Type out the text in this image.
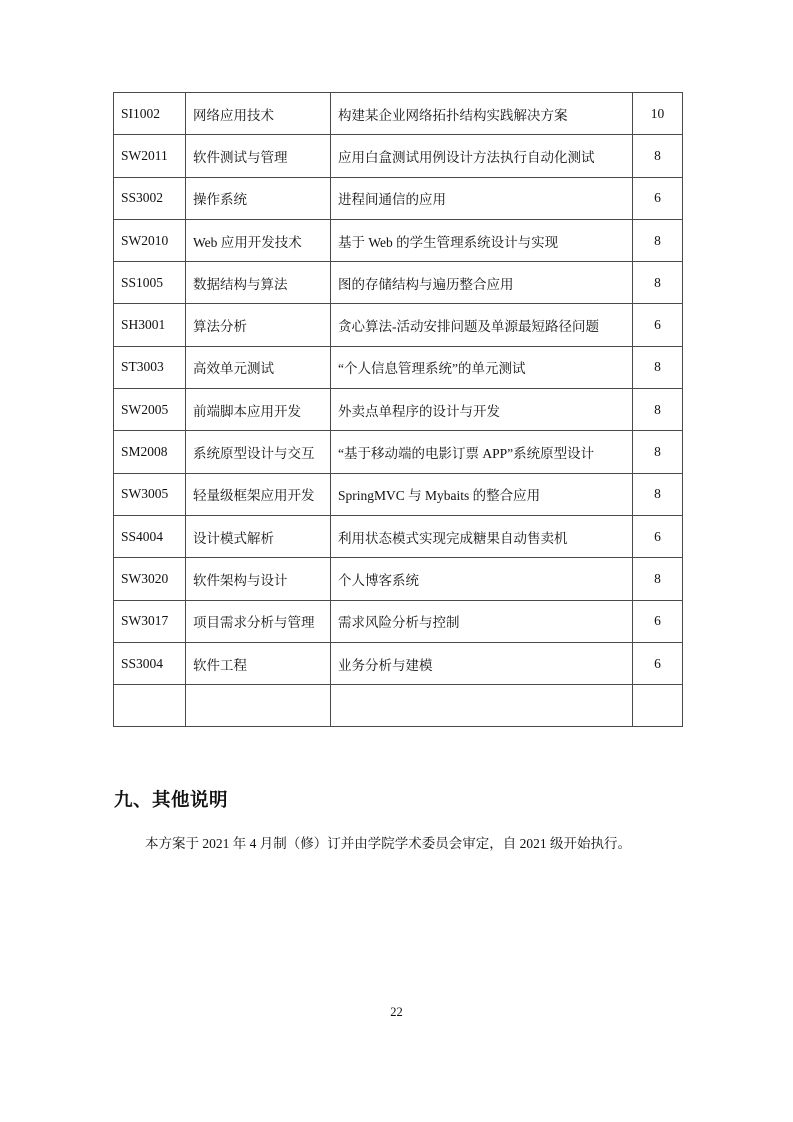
SI1002	网络应用技术	构建某企业网络拓扑结构实践解决方案	10
SW2011	软件测试与管理	应用白盒测试用例设计方法执行自动化测试	8
SS3002	操作系统	进程间通信的应用	6
SW2010	Web 应用开发技术	基于 Web 的学生管理系统设计与实现	8
SS1005	数据结构与算法	图的存储结构与遍历整合应用	8
SH3001	算法分析	贪心算法-活动安排问题及单源最短路径问题	6
ST3003	高效单元测试	“个人信息管理系统”的单元测试	8
SW2005	前端脚本应用开发	外卖点单程序的设计与开发	8
SM2008	系统原型设计与交互	“基于移动端的电影订票 APP”系统原型设计	8
SW3005	轻量级框架应用开发	SpringMVC 与 Mybaits 的整合应用	8
SS4004	设计模式解析	利用状态模式实现完成糖果自动售卖机	6
SW3020	软件架构与设计	个人博客系统	8
SW3017	项目需求分析与管理	需求风险分析与控制	6
SS3004	软件工程	业务分析与建模	6

九、其他说明
本方案于 2021 年 4 月制（修）订并由学院学术委员会审定，自 2021 级开始执行。
22
